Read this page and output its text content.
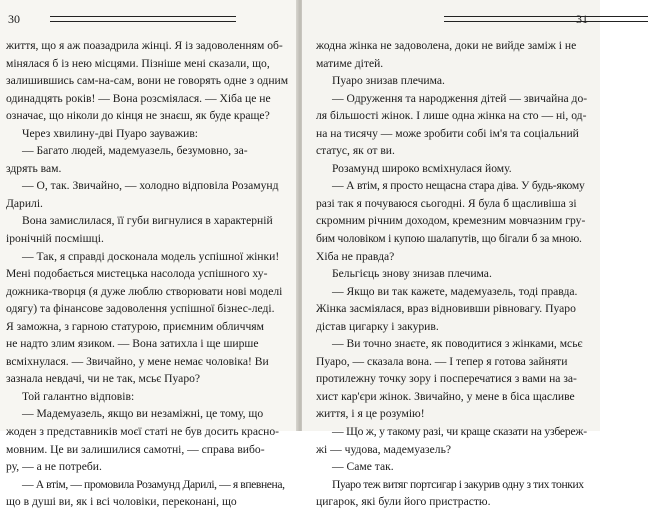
30
життя, що я аж поазадрила жінці. Я із задоволенням об-
мінялася б із нею місцями. Пізніше мені сказали, що,
залишившись сам-на-сам, вони не говорять одне з одним
одинадцять років! — Вона розсміялася. — Хіба це не
означає, що ніколи до кінця не знаєш, як буде краще?
Через хвилину-дві Пуаро зауважив:
— Багато людей, мадемуазель, безумовно, за-
здрять вам.
— О, так. Звичайно, — холодно відповіла Розамунд
Дарилі.
Вона замислилася, її губи вигнулися в характерній
іронічній посмішці.
— Так, я справді досконала модель успішної жінки!
Мені подобається мистецька насолода успішного ху-
дожника-творця (я дуже люблю створювати нові моделі
одягу) та фінансове задоволення успішної бізнес-леді.
Я заможна, з гарною статурою, приємним обличчям
не надто злим язиком. — Вона затихла і ще ширше
всміхнулася. — Звичайно, у мене немає чоловіка! Ви
зазнала невдачі, чи не так, мсьє Пуаро?
Той галантно відповів:
— Мадемуазель, якщо ви незаміжні, це тому, що
жоден з представників моєї статі не був досить красно-
мовним. Це ви залишилися самотні, — справа вибо-
ру, — а не потреби.
— А втім, — промовила Розамунд Дарилі, — я впевнена,
що в душі ви, як і всі чоловіки, переконані, що
31
жодна жінка не задоволена, доки не вийде заміж і не
матиме дітей.
Пуаро знизав плечима.
— Одруження та народження дітей — звичайна до-
ля більшості жінок. І лише одна жінка на сто — ні, од-
на на тисячу — може зробити собі ім'я та соціальний
статус, як от ви.
Розамунд широко всміхнулася йому.
— А втім, я просто нещасна стара діва. У будь-якому
разі так я почуваюся сьогодні. Я була б щасливіша зі
скромним річним доходом, кремезним мовчазним гру-
бим чоловіком і купою шалапутів, що бігали б за мною.
Хіба не правда?
Бельгієць знову знизав плечима.
— Якщо ви так кажете, мадемуазель, тоді правда.
Жінка засміялася, враз відновивши рівновагу. Пуаро
дістав цигарку і закурив.
— Ви точно знаєте, як поводитися з жінками, мсьє
Пуаро, — сказала вона. — І тепер я готова зайняти
протилежну точку зору і посперечатися з вами на за-
хист кар'єри жінок. Звичайно, у мене в біса щасливе
життя, і я це розумію!
— Що ж, у такому разі, чи краще сказати на узбереж-
жі — чудова, мадемуазель?
— Саме так.
Пуаро теж витяг портсигар і закурив одну з тих тонких
цигарок, які були його пристрастю.
